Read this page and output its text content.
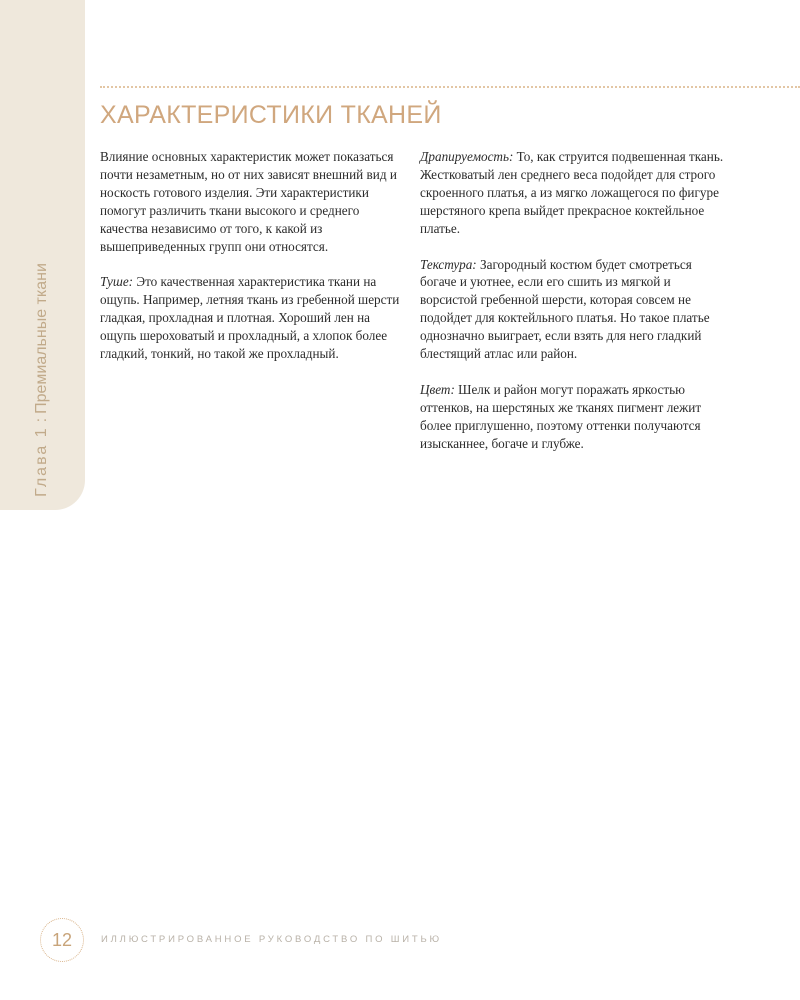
Глава 1:Премиальные ткани
ХАРАКТЕРИСТИКИ ТКАНЕЙ

Влияние основных характеристик может показаться почти незаметным, но от них зависят внешний вид и носкость готового изделия. Эти характеристики помогут различить ткани высокого и среднего качества независимо от того, к какой из вышеприведенных групп они относятся.

Туше: Это качественная характеристика ткани на ощупь. Например, летняя ткань из гребенной шерсти гладкая, прохладная и плотная. Хороший лен на ощупь шероховатый и прохладный, а хлопок более гладкий, тонкий, но такой же прохладный.

Драпируемость: То, как струится подвешенная ткань. Жестковатый лен среднего веса подойдет для строго скроенного платья, а из мягко ложащегося по фигуре шерстяного крепа выйдет прекрасное коктейльное платье.

Текстура: Загородный костюм будет смотреться богаче и уютнее, если его сшить из мягкой и ворсистой гребенной шерсти, которая совсем не подойдет для коктейльного платья. Но такое платье однозначно выиграет, если взять для него гладкий блестящий атлас или район.

Цвет: Шелк и район могут поражать яркостью оттенков, на шерстяных же тканях пигмент лежит более приглушенно, поэтому оттенки получаются изысканнее, богаче и глубже.

12	ИЛЛЮСТРИРОВАННОЕ РУКОВОДСТВО ПО ШИТЬЮ
